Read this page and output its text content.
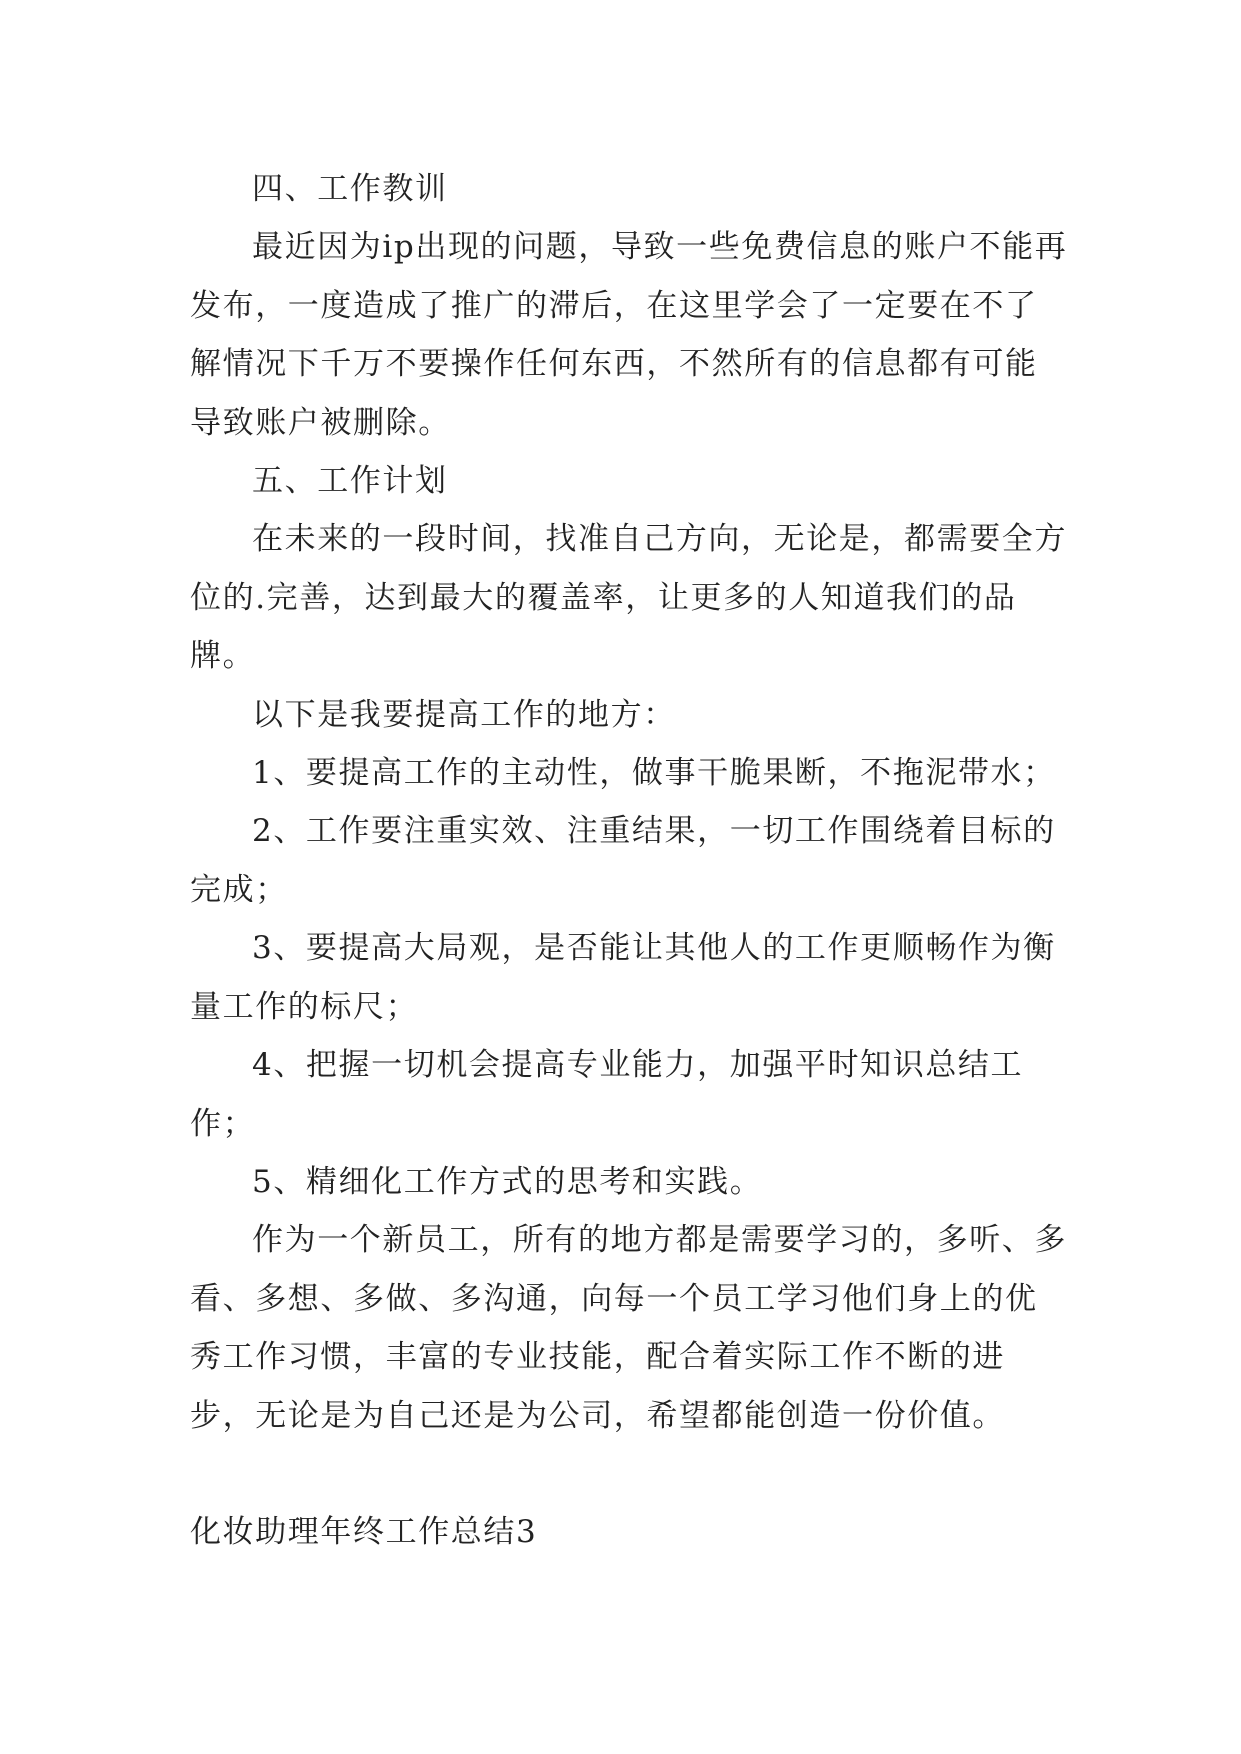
四、工作教训

最近因为ip出现的问题，导致一些免费信息的账户不能再发布，一度造成了推广的滞后，在这里学会了一定要在不了解情况下千万不要操作任何东西，不然所有的信息都有可能导致账户被删除。

五、工作计划

在未来的一段时间，找准自己方向，无论是，都需要全方位的.完善，达到最大的覆盖率，让更多的人知道我们的品牌。

以下是我要提高工作的地方：

1、要提高工作的主动性，做事干脆果断，不拖泥带水；

2、工作要注重实效、注重结果，一切工作围绕着目标的完成；

3、要提高大局观，是否能让其他人的工作更顺畅作为衡量工作的标尺；

4、把握一切机会提高专业能力，加强平时知识总结工作；

5、精细化工作方式的思考和实践。

作为一个新员工，所有的地方都是需要学习的，多听、多看、多想、多做、多沟通，向每一个员工学习他们身上的优秀工作习惯，丰富的专业技能，配合着实际工作不断的进步，无论是为自己还是为公司，希望都能创造一份价值。

化妆助理年终工作总结3
